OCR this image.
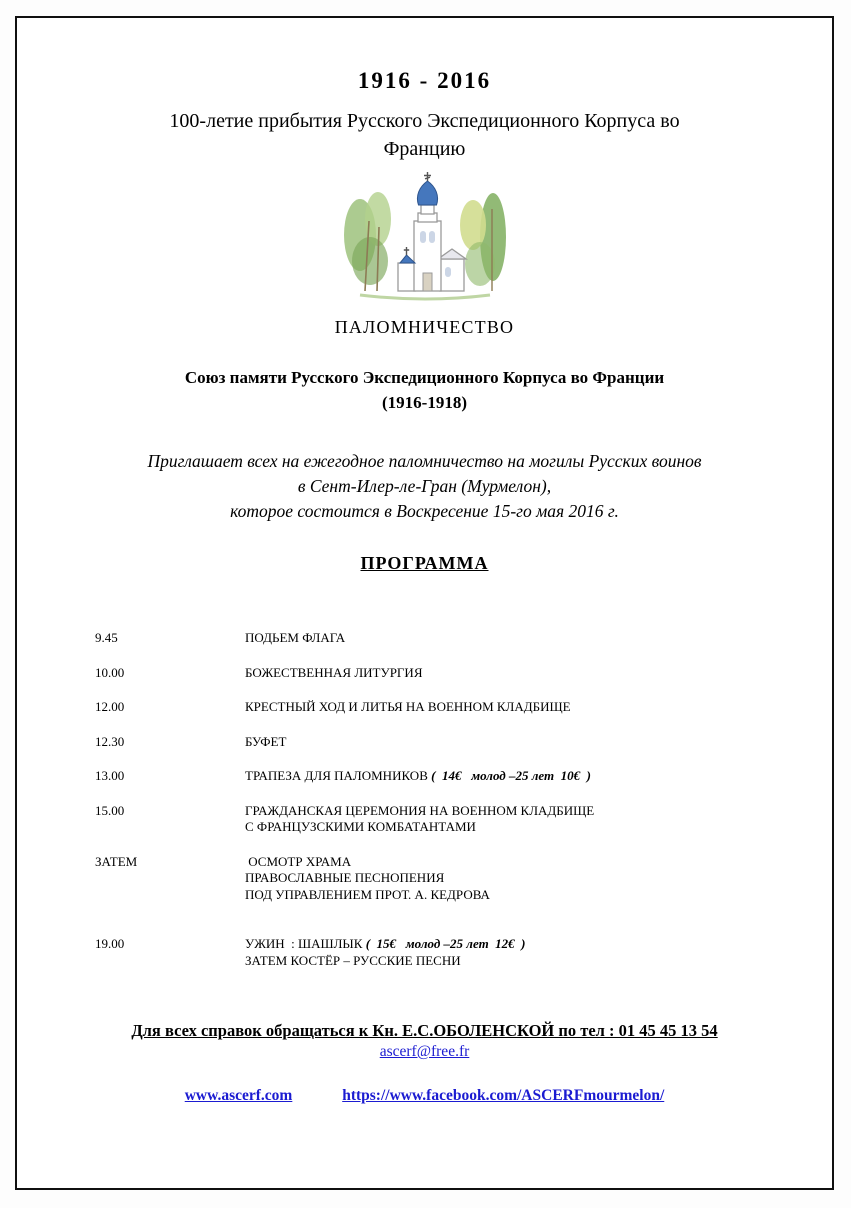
1916 - 2016
100-летие прибытия Русского Экспедиционного Корпуса во
Францию
ПАЛОМНИЧЕСТВО
Союз памяти Русского Экспедиционного Корпуса во Франции
(1916-1918)
Приглашает всех на ежегодное паломничество на могилы Русских воинов
в Сент-Илер-ле-Гран (Мурмелон),
которое состоится в Воскресение 15-го мая 2016 г.
ПРОГРАММА
9.45	ПОДЬЕМ ФЛАГА
10.00	БОЖЕСТВЕННАЯ ЛИТУРГИЯ
12.00	КРЕСТНЫЙ ХОД И ЛИТЬЯ НА ВОЕННОМ КЛАДБИЩЕ
12.30	БУФЕТ
13.00	ТРАПЕЗА ДЛЯ ПАЛОМНИКОВ (  14€   молод –25 лет  10€  )
15.00	ГРАЖДАНСКАЯ ЦЕРЕМОНИЯ НА ВОЕННОМ КЛАДБИЩЕ
С ФРАНЦУЗСКИМИ КОМБАТАНТАМИ
ЗАТЕМ	ОСМОТР ХРАМА
ПРАВОСЛАВНЫЕ ПЕСНОПЕНИЯ
ПОД УПРАВЛЕНИЕМ ПРОТ. А. КЕДРОВА
19.00	УЖИН  : ШАШЛЫК (  15€   молод –25 лет  12€  )
ЗАТЕМ КОСТЁР – РУССКИЕ ПЕСНИ
Для всех справок обращаться к Кн. Е.С.ОБОЛЕНСКОЙ по тел : 01 45 45 13 54
ascerf@free.fr
www.ascerf.com	https://www.facebook.com/ASCERFmourmelon/
